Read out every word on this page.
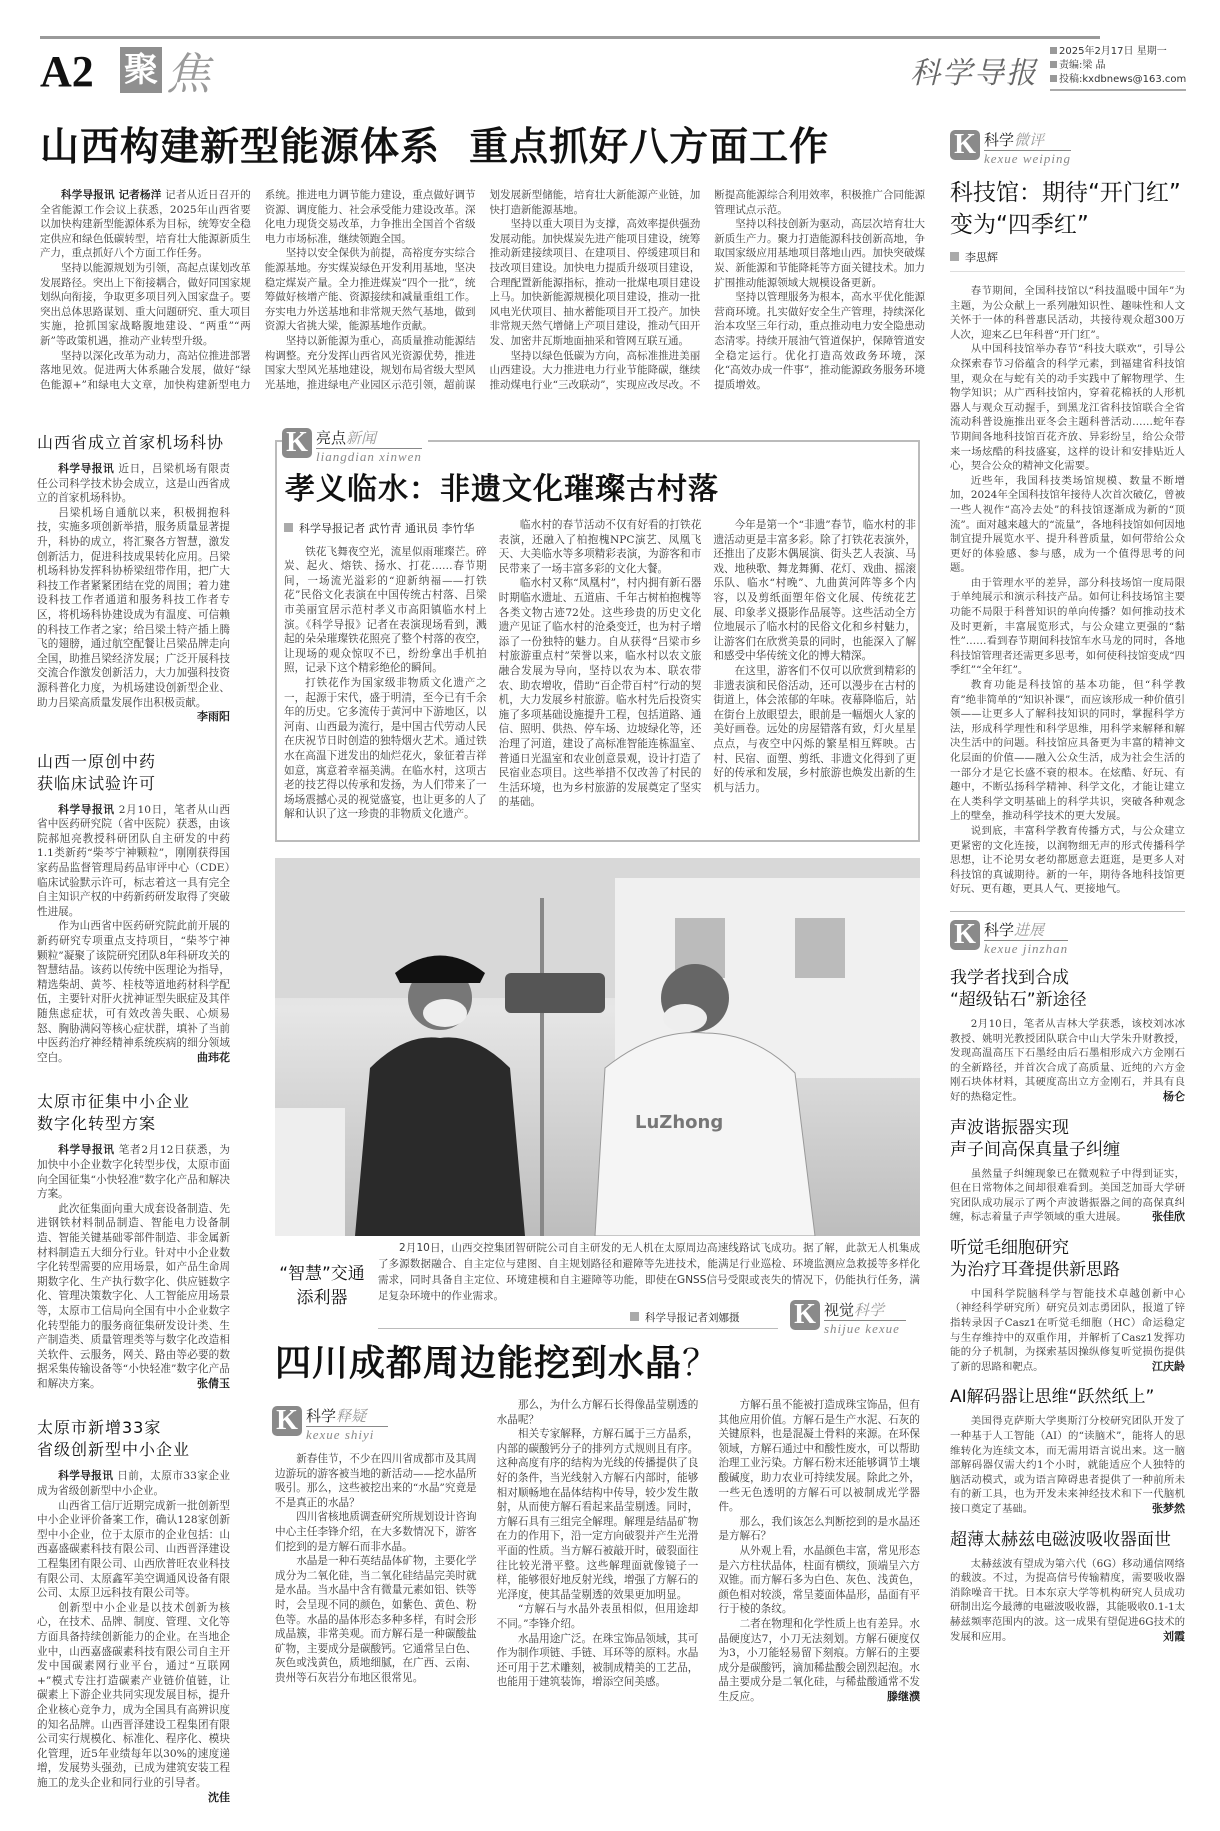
A2 聚 焦	科学导报
2025年2月17日 星期一
责编:梁 晶
投稿:kxdbnews@163.com
山西构建新型能源体系  重点抓好八方面工作

科学导报讯 记者杨洋 记者从近日召开的全省能源工作会议上获悉，2025年山西省要以加快构建新型能源体系为目标，统筹安全稳定供应和绿色低碳转型，培育壮大能源新质生产力，重点抓好八个方面工作任务。

坚持以能源规划为引领，高起点谋划改革发展路径。突出上下衔接耦合，做好同国家规划纵向衔接，争取更多项目列入国家盘子。要突出总体思路谋划、重大问题研究、重大项目实施，抢抓国家战略腹地建设、“两重”“两新”等政策机遇，推动产业转型升级。

坚持以深化改革为动力，高站位推进部署落地见效。促进两大体系融合发展，做好“绿色能源+”和绿电大文章，加快构建新型电力系统。推进电力调节能力建设，重点做好调节资源、调度能力、社会承受能力建设改革。深化电力现货交易改革，力争推出全国首个省级电力市场标准，继续领跑全国。

坚持以安全保供为前提，高裕度夯实综合能源基地。夯实煤炭绿色开发利用基地，坚决稳定煤炭产量。全力推进煤炭“四个一批”，统筹做好核增产能、资源接续和减量重组工作。夯实电力外送基地和非常规天然气基地，做到资源大省挑大梁，能源基地作贡献。

坚持以新能源为重心，高质量推动能源结构调整。充分发挥山西省风光资源优势，推进国家大型风光基地建设，规划布局省级大型风光基地，推进绿电产业园区示范引领，超前谋划发展新型储能，培育壮大新能源产业链，加快打造新能源基地。

坚持以重大项目为支撑，高效率提供强劲发展动能。加快煤炭先进产能项目建设，统筹推动新建接续项目、在建项目、停缓建项目和技改项目建设。加快电力提质升级项目建设，合理配置新能源指标，推动一批煤电项目建设上马。加快新能源规模化项目建设，推动一批风电光伏项目、抽水蓄能项目开工投产。加快非常规天然气增储上产项目建设，推动气田开发、加密井瓦斯地面抽采和管网互联互通。

坚持以绿色低碳为方向，高标准推进美丽山西建设。大力推进电力行业节能降碳，继续推动煤电行业“三改联动”，实现应改尽改。不断提高能源综合利用效率，积极推广合同能源管理试点示范。

坚持以科技创新为驱动，高层次培育壮大新质生产力。聚力打造能源科技创新高地，争取国家级应用基地项目落地山西。加快突破煤炭、新能源和节能降耗等方面关键技术。加力扩围推动能源领域大规模设备更新。

坚持以管理服务为根本，高水平优化能源营商环境。扎实做好安全生产管理，持续深化治本攻坚三年行动，重点推动电力安全隐患动态清零。持续开展油气管道保护，保障管道安全稳定运行。优化打造高效政务环境，深化“高效办成一件事”，推动能源政务服务环境提质增效。

山西省成立首家机场科协

科学导报讯 近日，吕梁机场有限责任公司科学技术协会成立，这是山西省成立的首家机场科协。

吕梁机场自通航以来，积极拥抱科技，实施多项创新举措，服务质量显著提升，科协的成立，将汇聚各方智慧，激发创新活力，促进科技成果转化应用。吕梁机场科协发挥科协桥梁纽带作用，把广大科技工作者紧紧团结在党的周围；着力建设科技工作者通道和服务科技工作者专区，将机场科协建设成为有温度、可信赖的科技工作者之家；给吕梁土特产插上腾飞的翅膀，通过航空配餐让吕梁品牌走向全国，助推吕梁经济发展；广泛开展科技交流合作激发创新活力，大力加强科技资源科普化力度，为机场建设创新型企业、助力吕梁高质量发展作出积极贡献。
李雨阳

山西一原创中药
获临床试验许可

科学导报讯 2月10日，笔者从山西省中医药研究院（省中医院）获悉，由该院郝旭亮教授科研团队自主研发的中药1.1类新药“柴芩宁神颗粒”，刚刚获得国家药品监督管理局药品审评中心（CDE）临床试验默示许可，标志着这一具有完全自主知识产权的中药新药研发取得了突破性进展。

作为山西省中医药研究院此前开展的新药研究专项重点支持项目，“柴芩宁神颗粒”凝聚了该院研究团队8年科研攻关的智慧结晶。该药以传统中医理论为指导，精选柴胡、黄芩、桂枝等道地药材科学配伍，主要针对肝火扰神证型失眠症及其伴随焦虑症状，可有效改善失眠、心烦易怒、胸胁满闷等核心症状群，填补了当前中医药治疗神经精神系统疾病的细分领域空白。	曲玮花

太原市征集中小企业
数字化转型方案

科学导报讯 笔者2月12日获悉，为加快中小企业数字化转型步伐，太原市面向全国征集“小快轻准”数字化产品和解决方案。

此次征集面向重大成套设备制造、先进钢铁材料制品制造、智能电力设备制造、智能关键基础零部件制造、非金属新材料制造五大细分行业。针对中小企业数字化转型需要的应用场景，如产品生命周期数字化、生产执行数字化、供应链数字化、管理决策数字化、人工智能应用场景等，太原市工信局向全国有中小企业数字化转型能力的服务商征集研发设计类、生产制造类、质量管理类等与数字化改造相关软件、云服务，网关、路由等必要的数据采集传输设备等“小快轻准”数字化产品和解决方案。	张倩玉

太原市新增33家
省级创新型中小企业

科学导报讯 日前，太原市33家企业成为省级创新型中小企业。

山西省工信厅近期完成新一批创新型中小企业评价备案工作，确认128家创新型中小企业，位于太原市的企业包括：山西嘉盛碳素科技有限公司、山西晋泽建设工程集团有限公司、山西欣普旺农业科技有限公司、太原鑫军美空调通风设备有限公司、太原卫远科技有限公司等。

创新型中小企业是以技术创新为核心，在技术、品牌、制度、管理、文化等方面具备持续创新能力的企业。在当地企业中，山西嘉盛碳素科技有限公司自主开发中国碳素网行业平台，通过“互联网+”模式专注打造碳素产业链价值链，让碳素上下游企业共同实现发展目标，提升企业核心竞争力，成为全国具有高辨识度的知名品牌。山西晋泽建设工程集团有限公司实行规模化、标准化、程序化、模块化管理，近5年业绩每年以30%的速度递增，发展势头强劲，已成为建筑安装工程施工的龙头企业和同行业的引导者。
沈佳

K 亮点新闻
liangdian xinwen
孝义临水：非遗文化璀璨古村落
科学导报记者 武竹青 通讯员 李竹华

铁花飞舞夜空光，流星似雨璀璨芒。碎炭、起火、熔铁、扬水、打花……春节期间，一场流光溢彩的“迎新纳福——打铁花”民俗文化表演在中国传统古村落、吕梁市美丽宜居示范村孝义市高阳镇临水村上演。《科学导报》记者在表演现场看到，溅起的朵朵璀璨铁花照亮了整个村落的夜空，让现场的观众惊叹不已，纷纷拿出手机拍照，记录下这个精彩绝伦的瞬间。

打铁花作为国家级非物质文化遗产之一，起源于宋代，盛于明清，至今已有千余年的历史。它多流传于黄河中下游地区，以河南、山西最为流行，是中国古代劳动人民在庆祝节日时创造的独特烟火艺术。通过铁水在高温下迸发出的灿烂花火，象征着吉祥如意，寓意着幸福美满。在临水村，这项古老的技艺得以传承和发扬，为人们带来了一场场震撼心灵的视觉盛宴，也让更多的人了解和认识了这一珍贵的非物质文化遗产。

临水村的春节活动不仅有好看的打铁花表演，还融入了柏抱槐NPC演艺、凤凰飞天、大美临水等多项精彩表演，为游客和市民带来了一场丰富多彩的文化大餐。

临水村又称“凤凰村”，村内拥有新石器时期临水遗址、五道庙、千年古树柏抱槐等各类文物古迹72处。这些珍贵的历史文化遗产见证了临水村的沧桑变迁，也为村子增添了一份独特的魅力。自从获得“吕梁市乡村旅游重点村”荣誉以来，临水村以农文旅融合发展为导向，坚持以农为本、联农带农、助农增收，借助“百企带百村”行动的契机，大力发展乡村旅游。临水村先后投资实施了多项基础设施提升工程，包括道路、通信、照明、供热、停车场、边坡绿化等，还治理了河道，建设了高标准智能连栋温室、普通日光温室和农业创意景观，设计打造了民宿业态项目。这些举措不仅改善了村民的生活环境，也为乡村旅游的发展奠定了坚实的基础。

今年是第一个“非遗”春节，临水村的非遗活动更是丰富多彩。除了打铁花表演外，还推出了皮影木偶展演、街头艺人表演、马戏、地秧歌、舞龙舞狮、花灯、戏曲、摇滚乐队、临水“村晚”、九曲黄河阵等多个内容，以及剪纸面塑年俗文化展、传统花艺展、印象孝义摄影作品展等。这些活动全方位地展示了临水村的民俗文化和乡村魅力，让游客们在欣赏美景的同时，也能深入了解和感受中华传统文化的博大精深。

在这里，游客们不仅可以欣赏到精彩的非遗表演和民俗活动，还可以漫步在古村的街道上，体会浓郁的年味。夜幕降临后，站在街台上放眼望去，眼前是一幅烟火人家的美好画卷。远处的房屋错落有致，灯火星星点点，与夜空中闪烁的繁星相互辉映。古村、民宿、面塑、剪纸、非遗文化得到了更好的传承和发展，乡村旅游也焕发出新的生机与活力。

LuZhong
“智慧”交通
添利器

2月10日，山西交控集团智研院公司自主研发的无人机在太原周边高速线路试飞成功。据了解，此款无人机集成了多源数据融合、自主定位与建图、自主规划路径和避障等先进技术，能满足行业巡检、环境监测应急救援等多样化需求，同时具备自主定位、环境建模和自主避障等功能，即使在GNSS信号受限或丧失的情况下，仍能执行任务，满足复杂环境中的作业需求。

科学导报记者刘娜摄 K 视觉科学
shijue kexue
四川成都周边能挖到水晶？
K 科学释疑
kexue shiyi

新春佳节，不少在四川省成都市及其周边游玩的游客被当地的新活动——挖水晶所吸引。那么，这些被挖出来的“水晶”究竟是不是真正的水晶？

四川省核地质调查研究所规划设计咨询中心主任李锋介绍，在大多数情况下，游客们挖到的是方解石而非水晶。

水晶是一种石英结晶体矿物，主要化学成分为二氧化硅，当二氧化硅结晶完美时就是水晶。当水晶中含有微量元素如铝、铁等时，会呈现不同的颜色，如紫色、黄色、粉色等。水晶的晶体形态多种多样，有时会形成晶簇，非常美观。而方解石是一种碳酸盐矿物，主要成分是碳酸钙。它通常呈白色、灰色或浅黄色，质地细腻，在广西、云南、贵州等石灰岩分布地区很常见。

那么，为什么方解石长得像晶莹剔透的水晶呢？

相关专家解释，方解石属于三方晶系，内部的碳酸钙分子的排列方式规则且有序。这种高度有序的结构为光线的传播提供了良好的条件，当光线射入方解石内部时，能够相对顺畅地在晶体结构中传导，较少发生散射，从而使方解石看起来晶莹剔透。同时，方解石具有三组完全解理。解理是结晶矿物在力的作用下，沿一定方向破裂并产生光滑平面的性质。当方解石被敲开时，破裂面往往比较光滑平整。这些解理面就像镜子一样，能够很好地反射光线，增强了方解石的光泽度，使其晶莹剔透的效果更加明显。

“方解石与水晶外表虽相似，但用途却不同。”李锋介绍。

水晶用途广泛。在珠宝饰品领域，其可作为制作项链、手链、耳环等的原料。水晶还可用于艺术雕刻，被制成精美的工艺品，也能用于建筑装饰，增添空间美感。

方解石虽不能被打造成珠宝饰品，但有其他应用价值。方解石是生产水泥、石灰的关键原料，也是混凝土骨料的来源。在环保领域，方解石通过中和酸性废水，可以帮助治理工业污染。方解石粉末还能够调节土壤酸碱度，助力农业可持续发展。除此之外，一些无色透明的方解石可以被制成光学器件。

那么，我们该怎么判断挖到的是水晶还是方解石？

从外观上看，水晶颜色丰富，常见形态是六方柱状晶体，柱面有横纹，顶端呈六方双锥。而方解石多为白色、灰色、浅黄色，颜色相对较淡，常呈菱面体晶形，晶面有平行于棱的条纹。

二者在物理和化学性质上也有差异。水晶硬度达7，小刀无法刻划。方解石硬度仅为3，小刀能轻易留下刻痕。方解石的主要成分是碳酸钙，滴加稀盐酸会剧烈起泡。水晶主要成分是二氧化硅，与稀盐酸通常不发生反应。	滕继濮

K 科学微评
kexue weiping
科技馆：期待“开门红”
变为“四季红”
李思辉

春节期间，全国科技馆以“科技温暖中国年”为主题，为公众献上一系列融知识性、趣味性和人文关怀于一体的科普惠民活动，共接待观众超300万人次，迎来乙巳年科普“开门红”。

从中国科技馆举办春节“科技大联欢”，引导公众探索春节习俗蕴含的科学元素，到福建省科技馆里，观众在与蛇有关的动手实践中了解物理学、生物学知识；从广西科技馆内，穿着花棉袄的人形机器人与观众互动握手，到黑龙江省科技馆联合全省流动科普设施推出亚冬会主题科普活动……蛇年春节期间各地科技馆百花齐放、异彩纷呈，给公众带来一场炫酷的科技盛宴，这样的设计和安排贴近人心，契合公众的精神文化需要。

近些年，我国科技类场馆规模、数量不断增加，2024年全国科技馆年接待人次首次破亿，曾被一些人视作“高冷去处”的科技馆逐渐成为新的“顶流”。面对越来越大的“流量”，各地科技馆如何因地制宜提升展览水平、提升科普质量，如何带给公众更好的体验感、参与感，成为一个值得思考的问题。

由于管理水平的差异，部分科技场馆一度局限于单纯展示和演示科技产品。如何让科技场馆主要功能不局限于科普知识的单向传播？如何推动技术及时更新，丰富展览形式，与公众建立更强的“黏性”……看到春节期间科技馆车水马龙的同时，各地科技馆管理者还需更多思考，如何使科技馆变成“四季红”“全年红”。

教育功能是科技馆的基本功能，但“科学教育”绝非简单的“知识补课”，而应该形成一种价值引领——让更多人了解科技知识的同时，掌握科学方法，形成科学理性和科学思维，用科学来解释和解决生活中的问题。科技馆应具备更为丰富的精神文化层面的价值——融入公众生活，成为社会生活的一部分才是它长盛不衰的根本。在炫酷、好玩、有趣中，不断弘扬科学精神、科学文化，才能让建立在人类科学文明基础上的科学共识，突破各种观念上的壁垒，推动科学技术的更大发展。

说到底，丰富科学教育传播方式，与公众建立更紧密的文化连接，以润物细无声的形式传播科学思想，让不论男女老幼都愿意去逛逛，是更多人对科技馆的真诚期待。新的一年，期待各地科技馆更好玩、更有趣，更具人气、更接地气。

K 科学进展
kexue jinzhan
我学者找到合成
“超级钻石”新途径

2月10日，笔者从吉林大学获悉，该校刘冰冰教授、姚明光教授团队联合中山大学朱升财教授，发现高温高压下石墨经由后石墨相形成六方金刚石的全新路径，并首次合成了高质量、近纯的六方金刚石块体材料，其硬度高出立方金刚石，并具有良好的热稳定性。	杨仑

声波谐振器实现
声子间高保真量子纠缠

虽然量子纠缠现象已在微观粒子中得到证实，但在日常物体之间却很难看到。美国芝加哥大学研究团队成功展示了两个声波谐振器之间的高保真纠缠，标志着量子声学领域的重大进展。 张佳欣

听觉毛细胞研究
为治疗耳聋提供新思路

中国科学院脑科学与智能技术卓越创新中心（神经科学研究所）研究员刘志勇团队，报道了锌指转录因子Casz1在听觉毛细胞（HC）命运稳定与生存维持中的双重作用，并解析了Casz1发挥功能的分子机制，为探索基因操纵修复听觉损伤提供了新的思路和靶点。	江庆龄

AI解码器让思维“跃然纸上”

美国得克萨斯大学奥斯汀分校研究团队开发了一种基于人工智能（AI）的“读脑术”，能将人的思维转化为连续文本，而无需用语言说出来。这一脑部解码器仅需大约1个小时，就能适应个人独特的脑活动模式，或为语言障碍患者提供了一种前所未有的新工具，也为开发未来神经技术和下一代脑机接口奠定了基础。	张梦然

超薄太赫兹电磁波吸收器面世

太赫兹波有望成为第六代（6G）移动通信网络的载波。不过，为提高信号传输精度，需要吸收器消除噪音干扰。日本东京大学等机构研究人员成功研制出迄今最薄的电磁波吸收器，其能吸收0.1-1太赫兹频率范围内的波。这一成果有望促进6G技术的发展和应用。	刘霞
